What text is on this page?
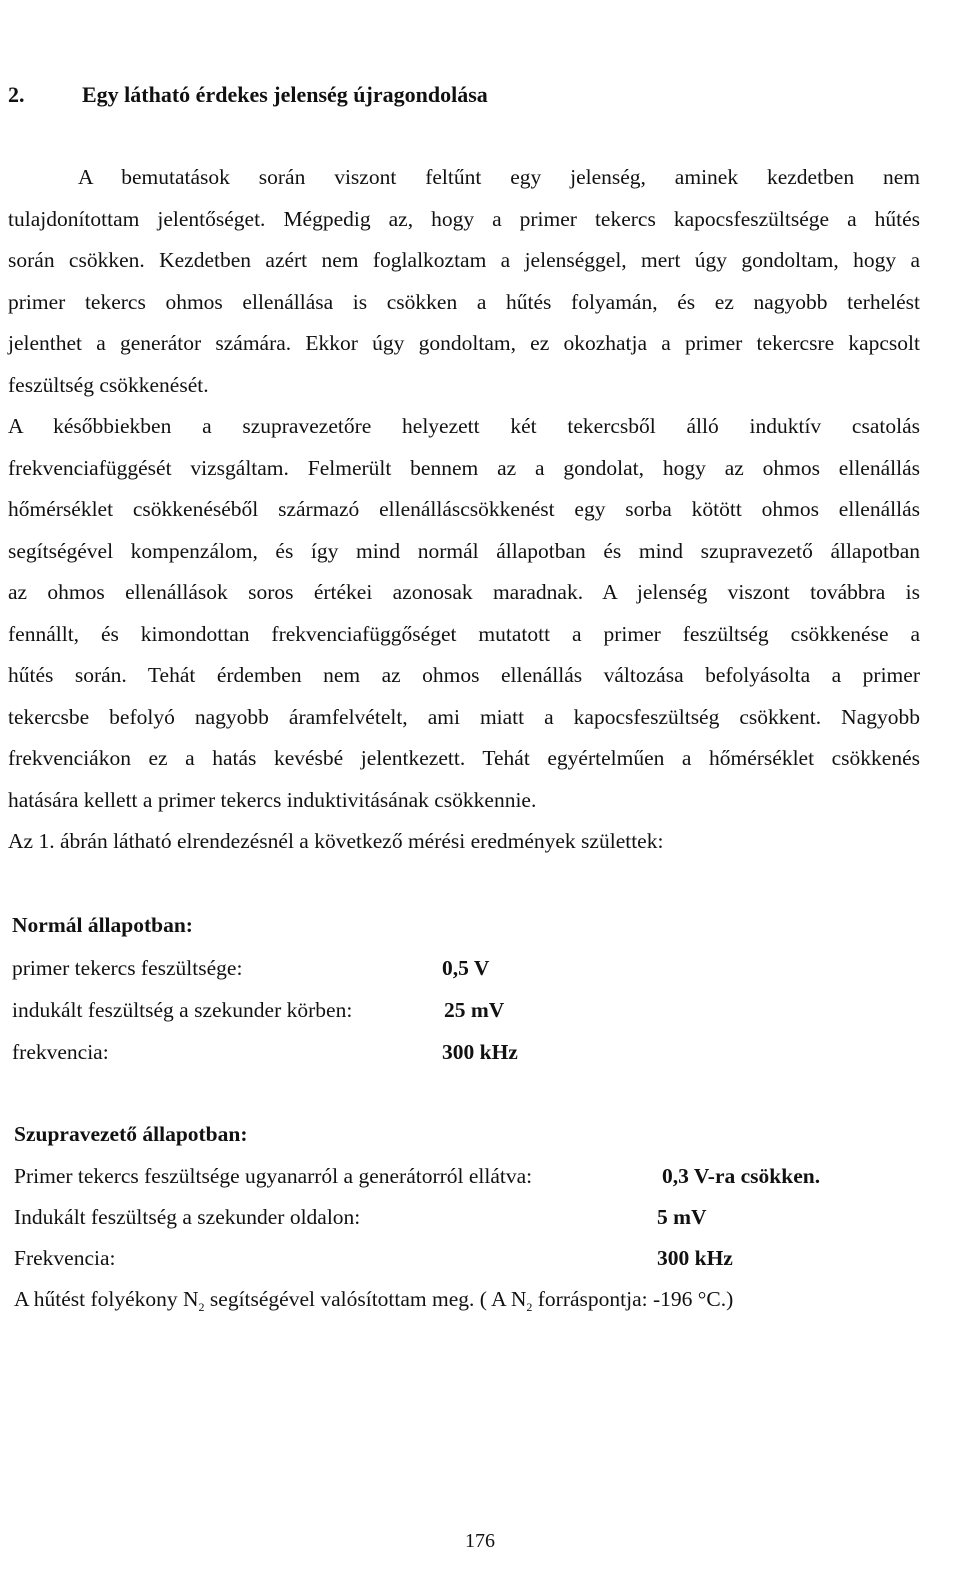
2.	Egy látható érdekes jelenség újragondolása
A bemutatások során viszont feltűnt egy jelenség, aminek kezdetben nem
tulajdonítottam jelentőséget. Mégpedig az, hogy a primer tekercs kapocsfeszültsége a hűtés
során csökken. Kezdetben azért nem foglalkoztam a jelenséggel, mert úgy gondoltam, hogy a
primer tekercs ohmos ellenállása is csökken a hűtés folyamán, és ez nagyobb terhelést
jelenthet a generátor számára. Ekkor úgy gondoltam, ez okozhatja a primer tekercsre kapcsolt
feszültség csökkenését.
A későbbiekben a szupravezetőre helyezett két tekercsből álló induktív csatolás
frekvenciafüggését vizsgáltam. Felmerült bennem az a gondolat, hogy az ohmos ellenállás
hőmérséklet csökkenéséből származó ellenálláscsökkenést egy sorba kötött ohmos ellenállás
segítségével kompenzálom, és így mind normál állapotban és mind szupravezető állapotban
az ohmos ellenállások soros értékei azonosak maradnak. A jelenség viszont továbbra is
fennállt, és kimondottan frekvenciafüggőséget mutatott a primer feszültség csökkenése a
hűtés során. Tehát érdemben nem az ohmos ellenállás változása befolyásolta a primer
tekercsbe befolyó nagyobb áramfelvételt, ami miatt a kapocsfeszültség csökkent. Nagyobb
frekvenciákon ez a hatás kevésbé jelentkezett. Tehát egyértelműen a hőmérséklet csökkenés
hatására kellett a primer tekercs induktivitásának csökkennie.
Az 1. ábrán látható elrendezésnél a következő mérési eredmények születtek:
Normál állapotban:
primer tekercs feszültsége:	0,5 V
indukált feszültség a szekunder körben:	25 mV
frekvencia:	300 kHz
Szupravezető állapotban:
Primer tekercs feszültsége ugyanarról a generátorról ellátva:	0,3 V-ra csökken.
Indukált feszültség a szekunder oldalon:	5 mV
Frekvencia:	300 kHz
A hűtést folyékony $N_2$ segítségével valósítottam meg. ( A $N_2$ forráspontja: -196 °C.)
176
